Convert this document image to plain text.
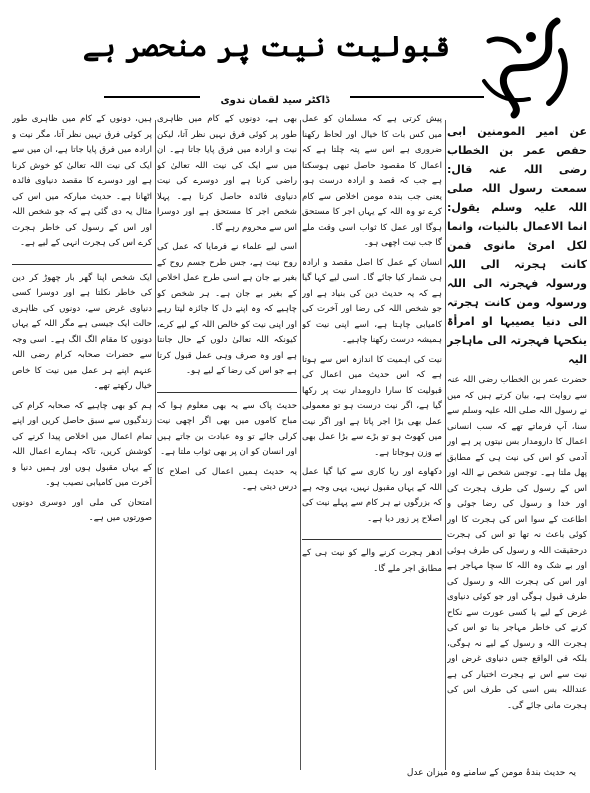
قبولیت نیت پر منحصر ہے
ڈاکٹر سید لقمان ندوی

عن امیر المومنین ابی حفص عمر بن الخطاب رضی اللہ عنہ قال: سمعت رسول اللہ صلی اللہ علیہ وسلم یقول: انما الاعمال بالنیات، وانما لکل امریٔ مانوی فمن کانت ہجرتہ الی اللہ ورسولہ فہجرتہ الی اللہ ورسولہ ومن کانت ہجرتہ الی دنیا یصیبہا او امرأۃ ینکحہا فہجرتہ الی ماہاجر الیہ

حضرت عمر بن الخطاب رضی اللہ عنہ سے روایت ہے، بیان کرتے ہیں کہ میں نے رسول اللہ صلی اللہ علیہ وسلم سے سنا، آپ فرماتے تھے کہ سب انسانی اعمال کا دارومدار بس نیتوں پر ہے اور آدمی کو اس کی نیت ہی کے مطابق پھل ملتا ہے۔ توجس شخص نے اللہ اور اس کے رسول کی طرف ہجرت کی اور خدا و رسول کی رضا جوئی و اطاعت کے سوا اس کی ہجرت کا اور کوئی باعث نہ تھا تو اس کی ہجرت درحقیقت اللہ و رسول کی طرف ہوئی اور بے شک وہ اللہ کا سچا مہاجر ہے اور اس کی ہجرت اللہ و رسول کی طرف قبول ہوگی اور جو کوئی دنیاوی غرض کے لیے یا کسی عورت سے نکاح کرنے کی خاطر مہاجر بنا تو اس کی ہجرت اللہ و رسول کے لیے نہ ہوگی، بلکہ فی الواقع جس دنیاوی غرض اور نیت سے اس نے ہجرت اختیار کی ہے عنداللہ بس اسی کی طرف اس کی ہجرت مانی جائے گی۔

پیش کرتی ہے کہ مسلمان کو عمل میں کس بات کا خیال اور لحاظ رکھنا ضروری ہے اس سے پتہ چلتا ہے کہ اعمال کا مقصود حاصل تبھی ہوسکتا ہے جب کہ قصد و ارادہ درست ہو، یعنی جب بندہ مومن اخلاص سے کام کرے تو وہ اللہ کے یہاں اجر کا مستحق ہوگا اور عمل کا ثواب اسی وقت ملے گا جب نیت اچھی ہو۔

انسان کے عمل کا اصل مقصد و ارادہ ہی شمار کیا جائے گا۔ اسی لیے کہا گیا ہے کہ یہ حدیث دین کی بنیاد ہے اور جو شخص اللہ کی رضا اور آخرت کی کامیابی چاہتا ہے، اسے اپنی نیت کو ہمیشہ درست رکھنا چاہیے۔

نیت کی اہمیت کا اندازہ اس سے ہوتا ہے کہ اس حدیث میں اعمال کی قبولیت کا سارا دارومدار نیت پر رکھا گیا ہے، اگر نیت درست ہو تو معمولی عمل بھی بڑا اجر پاتا ہے اور اگر نیت میں کھوٹ ہو تو بڑے سے بڑا عمل بھی بے وزن ہوجاتا ہے۔

دکھاوے اور ریا کاری سے کیا گیا عمل اللہ کے یہاں مقبول نہیں، یہی وجہ ہے کہ بزرگوں نے ہر کام سے پہلے نیت کی اصلاح پر زور دیا ہے۔

ادھر ہجرت کرنے والے کو نیت ہی کے مطابق اجر ملے گا۔

بھی ہے، دونوں کے کام میں ظاہری طور پر کوئی فرق نہیں نظر آتا، لیکن نیت و ارادہ میں فرق پایا جاتا ہے۔ ان میں سے ایک کی نیت اللہ تعالیٰ کو راضی کرنا ہے اور دوسرے کی نیت دنیاوی فائدہ حاصل کرنا ہے۔ پہلا شخص اجر کا مستحق ہے اور دوسرا اس سے محروم رہے گا۔

اسی لیے علماء نے فرمایا کہ عمل کی روح نیت ہے، جس طرح جسم روح کے بغیر بے جان ہے اسی طرح عمل اخلاص کے بغیر بے جان ہے۔ ہر شخص کو چاہیے کہ وہ اپنے دل کا جائزہ لیتا رہے اور اپنی نیت کو خالص اللہ کے لیے کرے، کیونکہ اللہ تعالیٰ دلوں کے حال جانتا ہے اور وہ صرف وہی عمل قبول کرتا ہے جو اس کی رضا کے لیے ہو۔

حدیث پاک سے یہ بھی معلوم ہوا کہ مباح کاموں میں بھی اگر اچھی نیت کرلی جائے تو وہ عبادت بن جاتے ہیں اور انسان کو ان پر بھی ثواب ملتا ہے۔

یہ حدیث ہمیں اعمال کی اصلاح کا درس دیتی ہے۔

ہیں، دونوں کے کام میں ظاہری طور پر کوئی فرق نہیں نظر آتا، مگر نیت و ارادہ میں فرق پایا جاتا ہے، ان میں سے ایک کی نیت اللہ تعالیٰ کو خوش کرنا ہے اور دوسرے کا مقصد دنیاوی فائدہ اٹھانا ہے۔ حدیث مبارکہ میں اس کی مثال یہ دی گئی ہے کہ جو شخص اللہ اور اس کے رسول کی خاطر ہجرت کرے اس کی ہجرت انہی کے لیے ہے۔

ایک شخص اپنا گھر بار چھوڑ کر دین کی خاطر نکلتا ہے اور دوسرا کسی دنیاوی غرض سے، دونوں کی ظاہری حالت ایک جیسی ہے مگر اللہ کے یہاں دونوں کا مقام الگ الگ ہے۔ اسی وجہ سے حضرات صحابہ کرام رضی اللہ عنہم اپنے ہر عمل میں نیت کا خاص خیال رکھتے تھے۔

ہم کو بھی چاہیے کہ صحابہ کرام کی زندگیوں سے سبق حاصل کریں اور اپنے تمام اعمال میں اخلاص پیدا کرنے کی کوشش کریں، تاکہ ہمارے اعمال اللہ کے یہاں مقبول ہوں اور ہمیں دنیا و آخرت میں کامیابی نصیب ہو۔

امتحان کی ملی اور دوسری دونوں صورتوں میں ہے۔

یہ حدیث بندۂ مومن کے سامنے وہ میزان عدل
